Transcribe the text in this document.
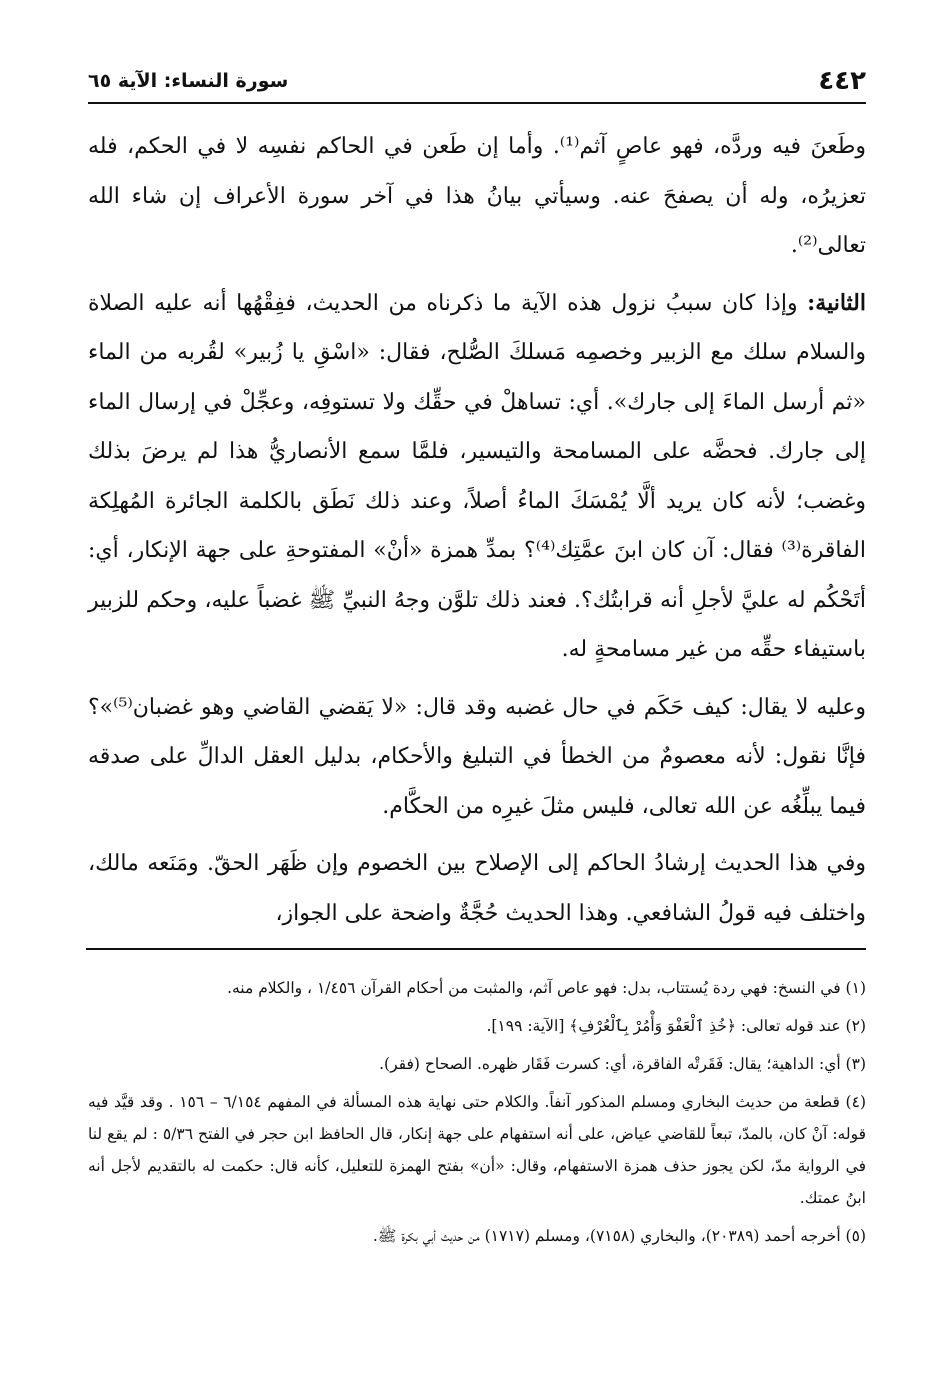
٤٤٢
سورة النساء: الآية ٦٥

وطَعنَ فيه وردَّه، فهو عاصٍ آثم⁽¹⁾. وأما إن طَعن في الحاكم نفسِه لا في الحكم، فله تعزيرُه، وله أن يصفحَ عنه. وسيأتي بيانُ هذا في آخر سورة الأعراف إن شاء الله تعالى⁽²⁾.

الثانية: وإذا كان سببُ نزول هذه الآية ما ذكرناه من الحديث، ففِقْهُها أنه عليه الصلاة والسلام سلك مع الزبير وخصمِه مَسلكَ الصُّلح، فقال: «اسْقِ يا زُبير» لقُربه من الماء «ثم أرسل الماءَ إلى جارك». أي: تساهلْ في حقِّك ولا تستوفِه، وعجِّلْ في إرسال الماء إلى جارك. فحضَّه على المسامحة والتيسير، فلمَّا سمع الأنصاريُّ هذا لم يرضَ بذلك وغضب؛ لأنه كان يريد ألَّا يُمْسَكَ الماءُ أصلاً، وعند ذلك نَطَق بالكلمة الجائرة المُهلِكة الفاقرة⁽³⁾ فقال: آن كان ابنَ عمَّتِك⁽⁴⁾؟ بمدِّ همزة «أنْ» المفتوحةِ على جهة الإنكار، أي: أتَحْكُم له عليَّ لأجلِ أنه قرابتُك؟. فعند ذلك تلوَّن وجهُ النبيِّ ﷺ غضباً عليه، وحكم للزبير باستيفاء حقِّه من غير مسامحةٍ له.

وعليه لا يقال: كيف حَكَم في حال غضبه وقد قال: «لا يَقضي القاضي وهو غضبان⁽⁵⁾»؟ فإنَّا نقول: لأنه معصومٌ من الخطأ في التبليغ والأحكام، بدليل العقل الدالِّ على صدقه فيما يبلِّغُه عن الله تعالى، فليس مثلَ غيرِه من الحكَّام.

وفي هذا الحديث إرشادُ الحاكم إلى الإصلاح بين الخصوم وإن ظَهَر الحقّ. ومَنَعه مالك، واختلف فيه قولُ الشافعي. وهذا الحديث حُجَّةٌ واضحة على الجواز،

(١) في النسخ: فهي ردة يُستتاب، بدل: فهو عاص آثم، والمثبت من أحكام القرآن ١/٤٥٦ ، والكلام منه.
(٢) عند قوله تعالى: ﴿خُذِ ٱلْعَفْوَ وَأْمُرْ بِٱلْعُرْفِ﴾ [الآية: ١٩٩].
(٣) أي: الداهية؛ يقال: فَقَرتْه الفاقرة، أي: كسرت فَقَار ظهره. الصحاح (فقر).
(٤) قطعة من حديث البخاري ومسلم المذكور آنفاً. والكلام حتى نهاية هذه المسألة في المفهم ٦/١٥٤ – ١٥٦ . وقد قيَّد فيه قوله: آنْ كان، بالمدّ، تبعاً للقاضي عياض، على أنه استفهام على جهة إنكار، قال الحافظ ابن حجر في الفتح ٥/٣٦ : لم يقع لنا في الرواية مدّ، لكن يجوز حذف همزة الاستفهام، وقال: «أن» بفتح الهمزة للتعليل، كأنه قال: حكمت له بالتقديم لأجل أنه ابنُ عمتك.
(٥) أخرجه أحمد (٢٠٣٨٩)، والبخاري (٧١٥٨)، ومسلم (١٧١٧) من حديث أبي بكرة ﷺ.
